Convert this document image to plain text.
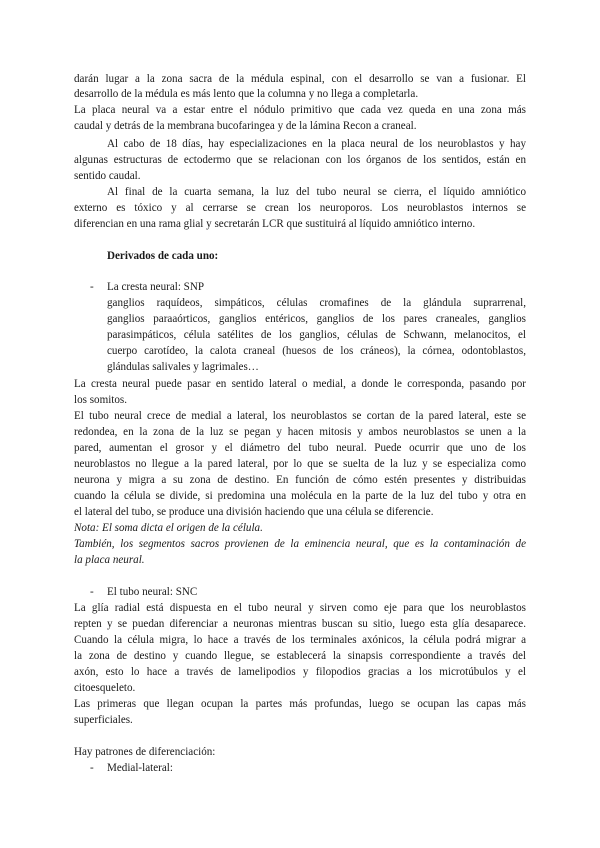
darán lugar a la zona sacra de la médula espinal, con el desarrollo se van a fusionar. El
desarrollo de la médula es más lento que la columna y no llega a completarla.
La placa neural va a estar entre el nódulo primitivo que cada vez queda en una zona más
caudal y detrás de la membrana bucofaringea y de la lámina Recon a craneal.
Al cabo de 18 días, hay especializaciones en la placa neural de los neuroblastos y hay
algunas estructuras de ectodermo que se relacionan con los órganos de los sentidos, están en
sentido caudal.
Al final de la cuarta semana, la luz del tubo neural se cierra, el líquido amniótico
externo es tóxico y al cerrarse se crean los neuroporos. Los neuroblastos internos se
diferencian en una rama glial y secretarán LCR que sustituirá al líquido amniótico interno.
Derivados de cada uno:
- La cresta neural: SNP
ganglios raquídeos, simpáticos, células cromafines de la glándula suprarrenal,
ganglios paraaórticos, ganglios entéricos, ganglios de los pares craneales, ganglios
parasimpáticos, célula satélites de los ganglios, células de Schwann, melanocitos, el
cuerpo carotídeo, la calota craneal (huesos de los cráneos), la córnea, odontoblastos,
glándulas salivales y lagrimales…
La cresta neural puede pasar en sentido lateral o medial, a donde le corresponda, pasando por
los somitos.
El tubo neural crece de medial a lateral, los neuroblastos se cortan de la pared lateral, este se
redondea, en la zona de la luz se pegan y hacen mitosis y ambos neuroblastos se unen a la
pared, aumentan el grosor y el diámetro del tubo neural. Puede ocurrir que uno de los
neuroblastos no llegue a la pared lateral, por lo que se suelta de la luz y se especializa como
neurona y migra a su zona de destino. En función de cómo estén presentes y distribuidas
cuando la célula se divide, si predomina una molécula en la parte de la luz del tubo y otra en
el lateral del tubo, se produce una división haciendo que una célula se diferencie.
Nota: El soma dicta el origen de la célula.
También, los segmentos sacros provienen de la eminencia neural, que es la contaminación de
la placa neural.
- El tubo neural: SNC
La glía radial está dispuesta en el tubo neural y sirven como eje para que los neuroblastos
repten y se puedan diferenciar a neuronas mientras buscan su sitio, luego esta glía desaparece.
Cuando la célula migra, lo hace a través de los terminales axónicos, la célula podrá migrar a
la zona de destino y cuando llegue, se establecerá la sinapsis correspondiente a través del
axón, esto lo hace a través de lamelipodios y filopodios gracias a los microtúbulos y el
citoesqueleto.
Las primeras que llegan ocupan la partes más profundas, luego se ocupan las capas más
superficiales.
Hay patrones de diferenciación:
- Medial-lateral:
